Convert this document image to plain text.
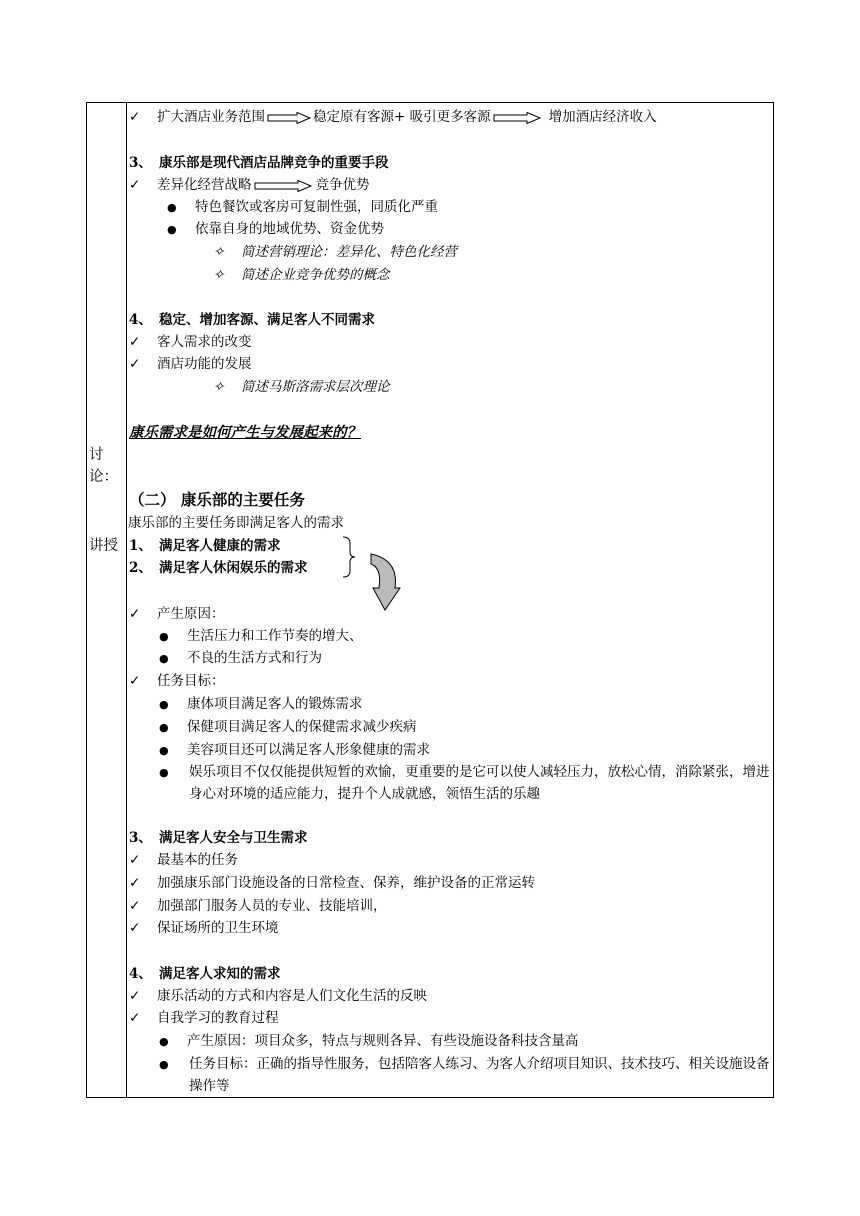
讨
论：
讲授
✓ 扩大酒店业务范围	稳定原有客源+ 吸引更多客源	增加酒店经济收入
3、 康乐部是现代酒店品牌竞争的重要手段
✓ 差异化经营战略	竞争优势
● 特色餐饮或客房可复制性强，同质化严重
● 依靠自身的地域优势、资金优势
✧ 简述营销理论：差异化、特色化经营
✧ 简述企业竞争优势的概念
4、 稳定、增加客源、满足客人不同需求
✓ 客人需求的改变
✓ 酒店功能的发展
✧ 简述马斯洛需求层次理论
康乐需求是如何产生与发展起来的？
（二） 康乐部的主要任务
康乐部的主要任务即满足客人的需求
1、 满足客人健康的需求
2、 满足客人休闲娱乐的需求
✓ 产生原因：
● 生活压力和工作节奏的增大、
● 不良的生活方式和行为
✓ 任务目标：
● 康体项目满足客人的锻炼需求
● 保健项目满足客人的保健需求减少疾病
● 美容项目还可以满足客人形象健康的需求
●	娱乐项目不仅仅能提供短暂的欢愉，更重要的是它可以使人减轻压力，放松心情，消除紧张，增进身心对环境的适应能力，提升个人成就感，领悟生活的乐趣
3、 满足客人安全与卫生需求
✓ 最基本的任务
✓ 加强康乐部门设施设备的日常检查、保养，维护设备的正常运转
✓ 加强部门服务人员的专业、技能培训，
✓ 保证场所的卫生环境
4、 满足客人求知的需求
✓ 康乐活动的方式和内容是人们文化生活的反映
✓ 自我学习的教育过程
● 产生原因：项目众多，特点与规则各异、有些设施设备科技含量高
●	任务目标：正确的指导性服务，包括陪客人练习、为客人介绍项目知识、技术技巧、相关设施设备操作等
